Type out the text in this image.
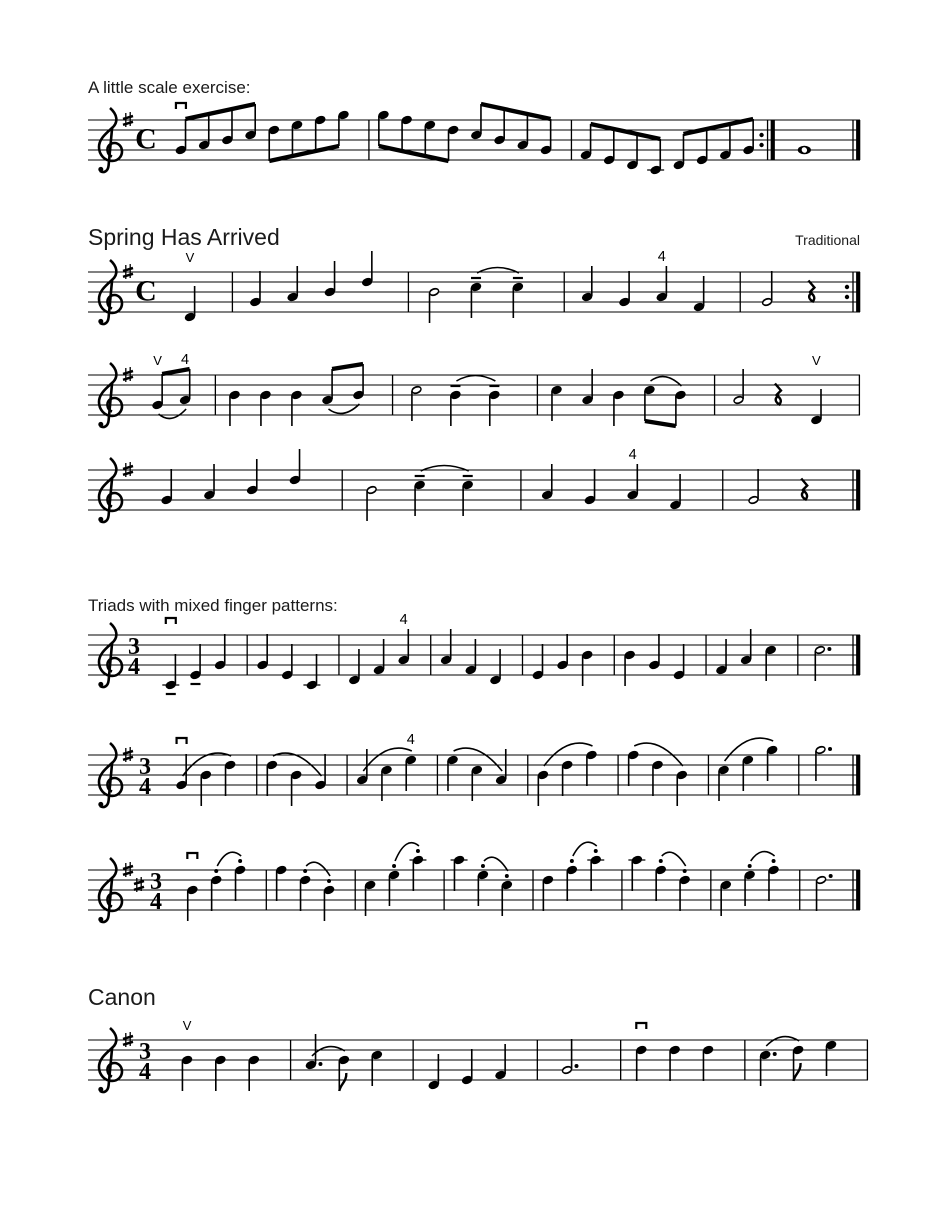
A little scale exercise:
Spring Has Arrived	Traditional
Triads with mixed finger patterns:
Canon
C
C
V	4
V 4	V
4
3
4
4
3
4
4
3
4
3
4
V
